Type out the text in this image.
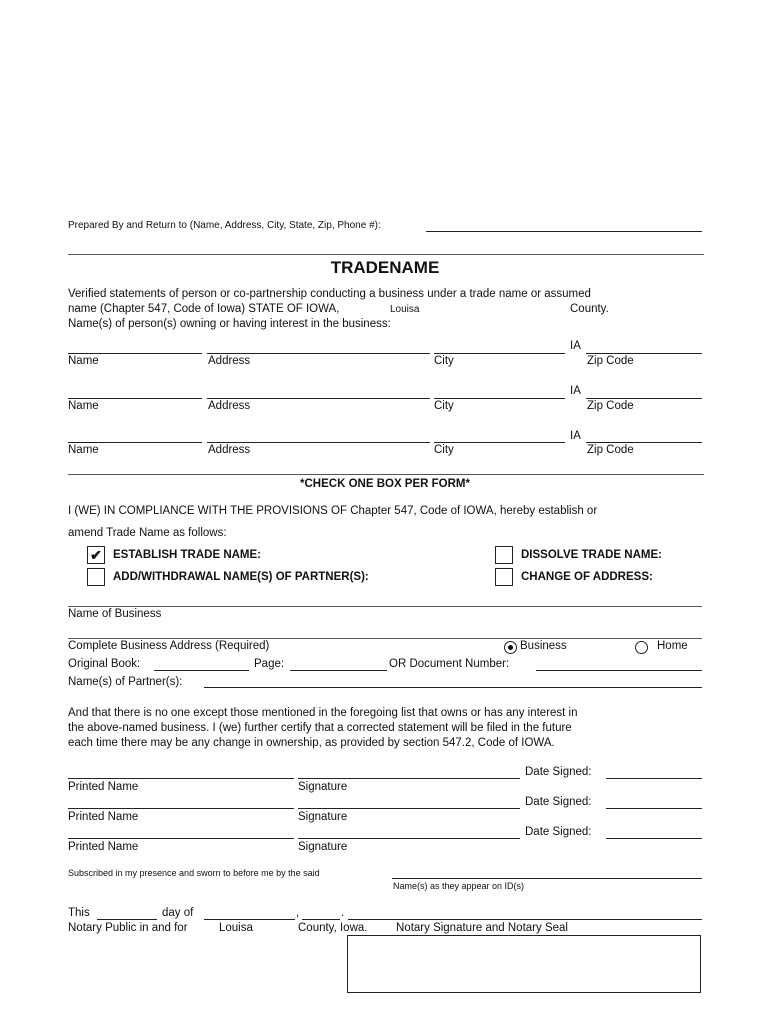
Prepared By and Return to (Name, Address, City, State, Zip, Phone #):
TRADENAME
Verified statements of person or co-partnership conducting a business under a trade name or assumed
name (Chapter 547, Code of Iowa) STATE OF IOWA,	Louisa	County.
Name(s) of person(s) owning or having interest in the business:
IA
Name	Address	City	Zip Code
IA
Name	Address	City	Zip Code
IA
Name	Address	City	Zip Code
*CHECK ONE BOX PER FORM*
I (WE) IN COMPLIANCE WITH THE PROVISIONS OF Chapter 547, Code of IOWA, hereby establish or
amend Trade Name as follows:
✔ ESTABLISH TRADE NAME:
ADD/WITHDRAWAL NAME(S) OF PARTNER(S):
DISSOLVE TRADE NAME:
CHANGE OF ADDRESS:
Name of Business
Complete Business Address (Required)	Business	Home
Original Book:	Page:	OR Document Number:
Name(s) of Partner(s):
And that there is no one except those mentioned in the foregoing list that owns or has any interest in
the above-named business. I (we) further certify that a corrected statement will be filed in the future
each time there may be any change in ownership, as provided by section 547.2, Code of IOWA.
Date Signed:
Printed Name	Signature
Date Signed:
Printed Name	Signature
Date Signed:
Printed Name	Signature
Subscribed in my presence and sworn to before me by the said
Name(s) as they appear on ID(s)
This	day of	,	.
Notary Public in and for	Louisa	County, Iowa. Notary Signature and Notary Seal
